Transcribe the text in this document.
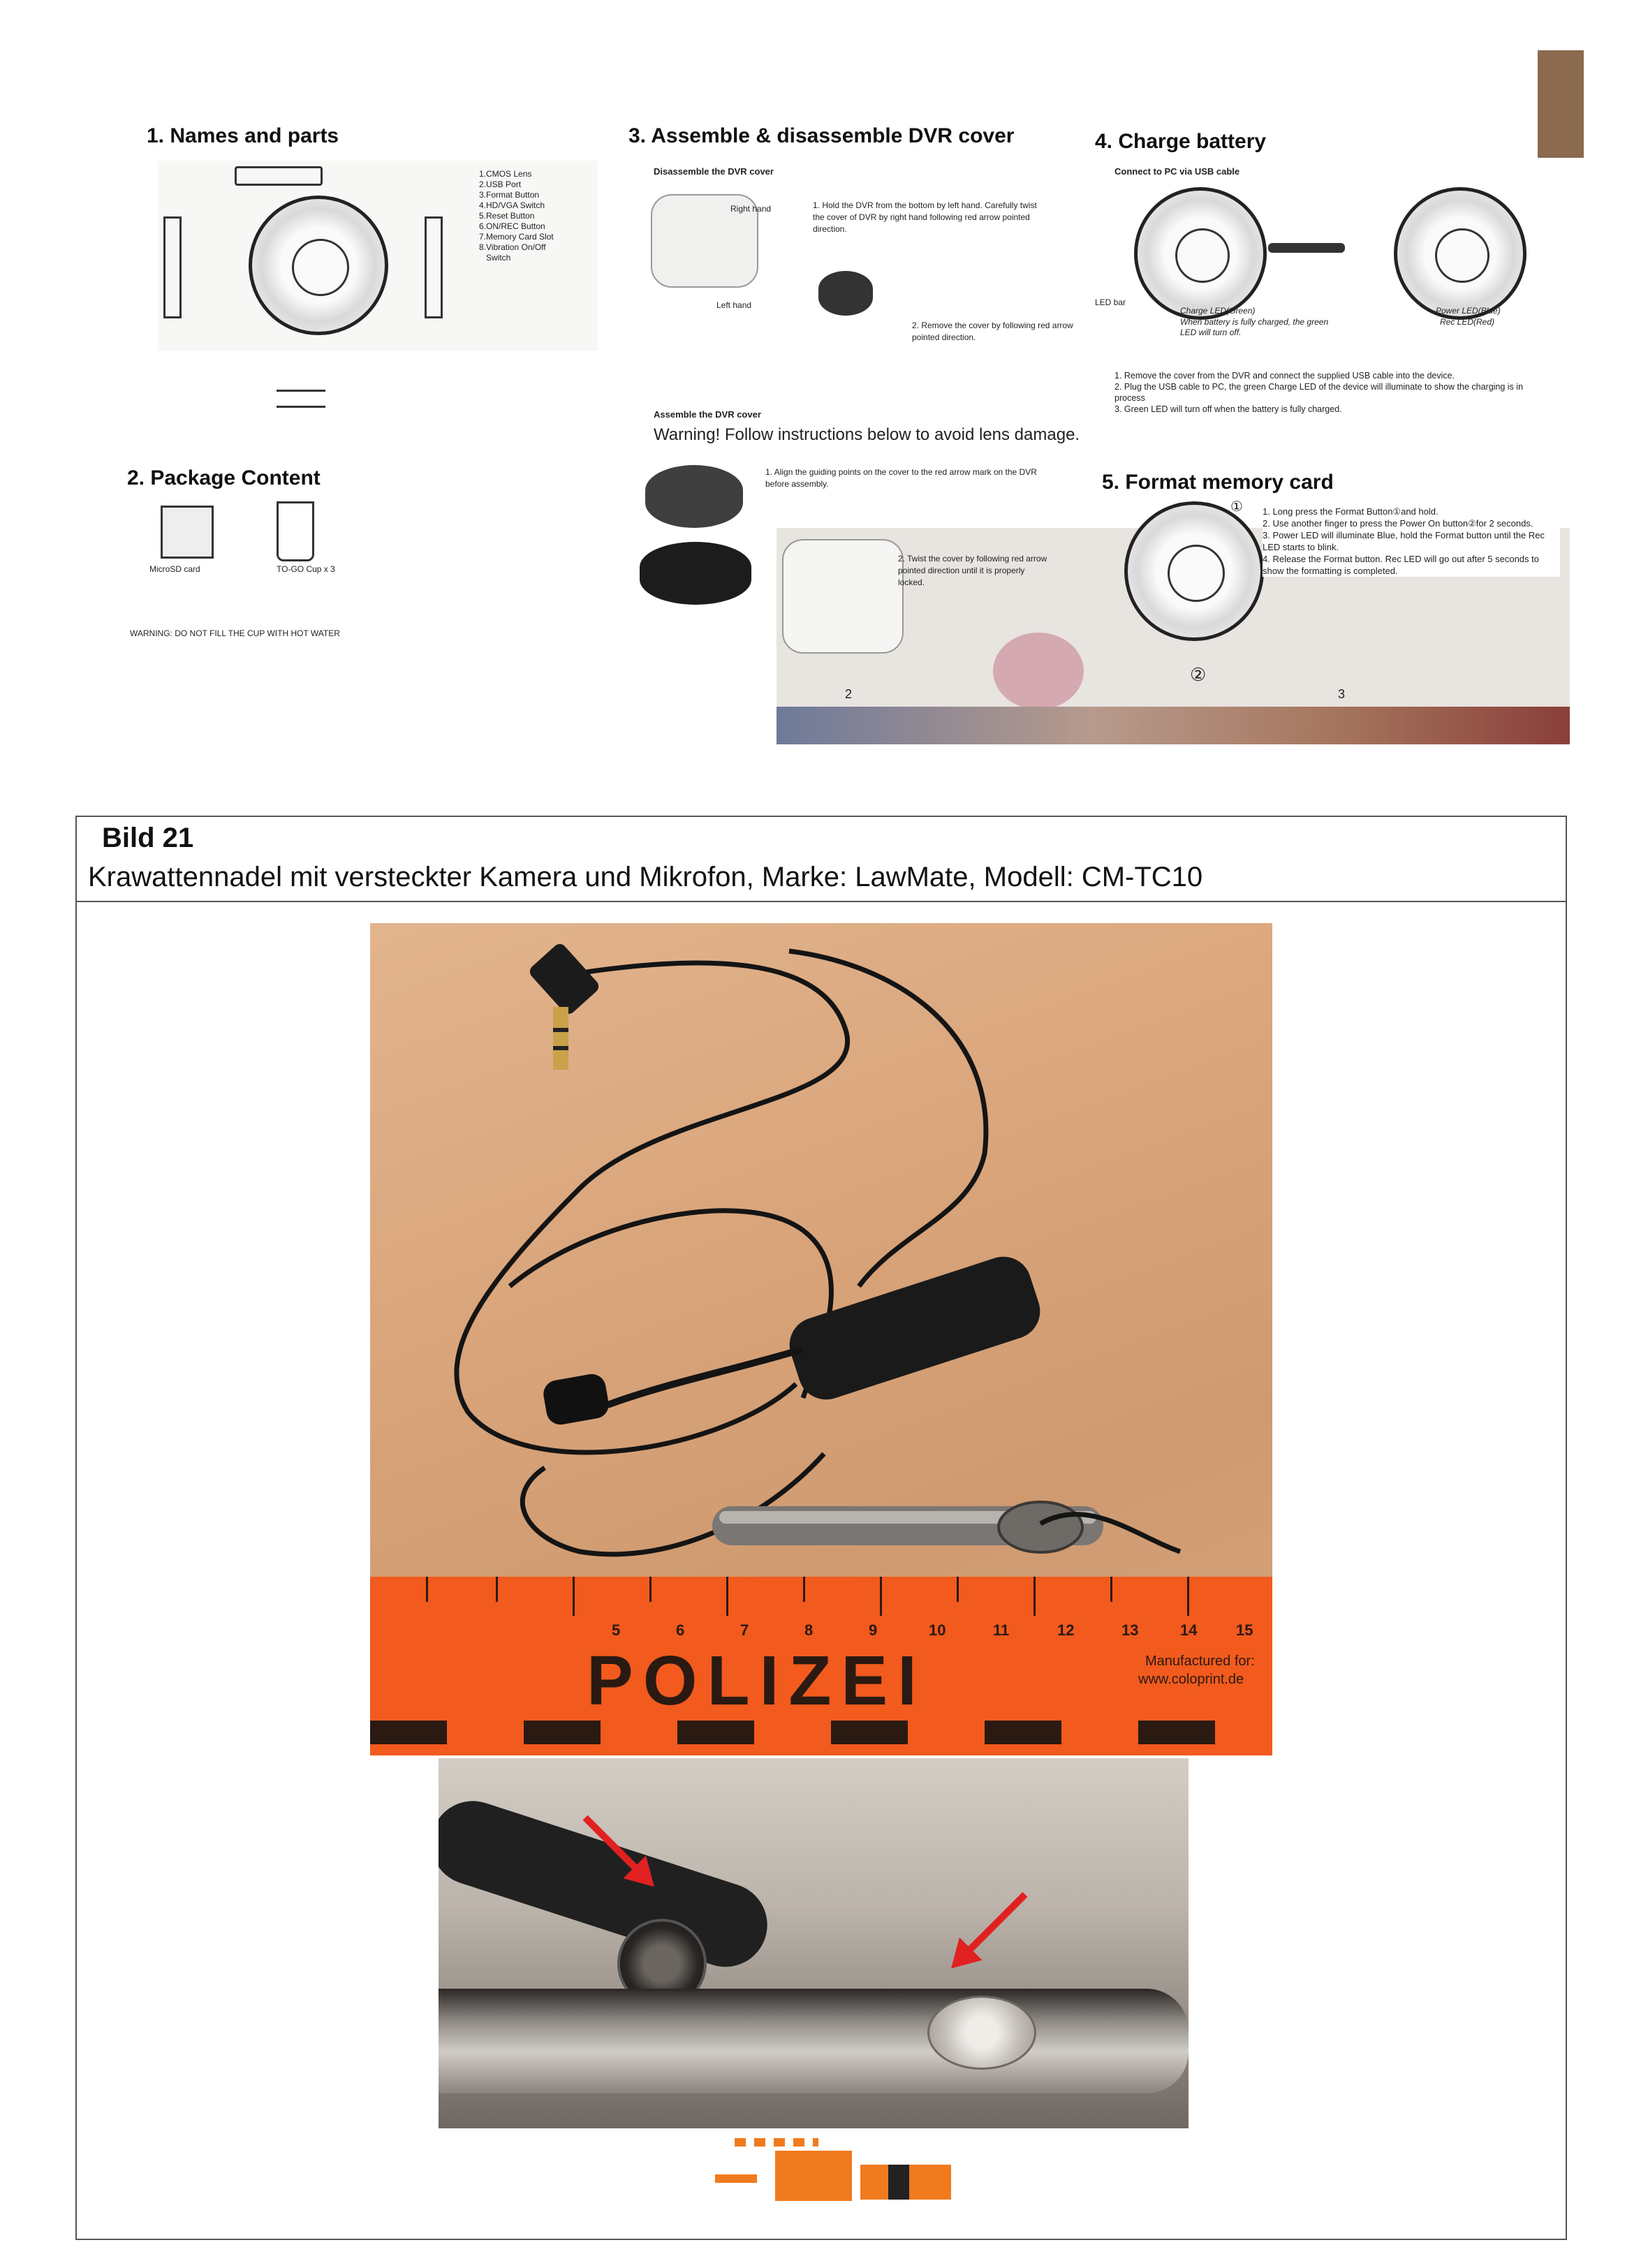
1. Names and parts
1.CMOS Lens
2.USB Port
3.Format Button
4.HD/VGA Switch
5.Reset Button
6.ON/REC Button
7.Memory Card Slot
8.Vibration On/Off
Switch
2. Package Content
MicroSD card	TO-GO Cup x 3
WARNING: DO NOT FILL THE CUP WITH HOT WATER
3. Assemble & disassemble DVR cover
Disassemble the DVR cover
Right hand
Left hand
1. Hold the DVR from the bottom by left hand. Carefully twist the cover of DVR by right hand following red arrow pointed direction.
2. Remove the cover by following red arrow pointed direction.
Assemble the DVR cover
Warning! Follow instructions below to avoid lens damage.
1. Align the guiding points on the cover to the red arrow mark on the DVR before assembly.
2. Twist the cover by following red arrow pointed direction until it is properly locked.
2	3
4. Charge battery
Connect to PC via USB cable
LED bar
Charge LED(Green)
When battery is fully charged, the green LED will turn off.
Power LED(Blue)
Rec LED(Red)
1. Remove the cover from the DVR and connect the supplied USB cable into the device.
2. Plug the USB cable to PC, the green Charge LED of the device will illuminate to show the charging is in process
3. Green LED will turn off when the battery is fully charged.
5. Format memory card
①
②
1. Long press the Format Button①and hold.
2. Use another finger to press the Power On button②for 2 seconds.
3. Power LED will illuminate Blue, hold the Format button until the Rec LED starts to blink.
4. Release the Format button. Rec LED will go out after 5 seconds to show the formatting is completed.
Bild 21
Krawattennadel mit versteckter Kamera und Mikrofon, Marke: LawMate, Modell: CM-TC10
5	6	7	8	9	10	11	12	13	14	15
POLIZEI	Manufactured for:
www.coloprint.de
